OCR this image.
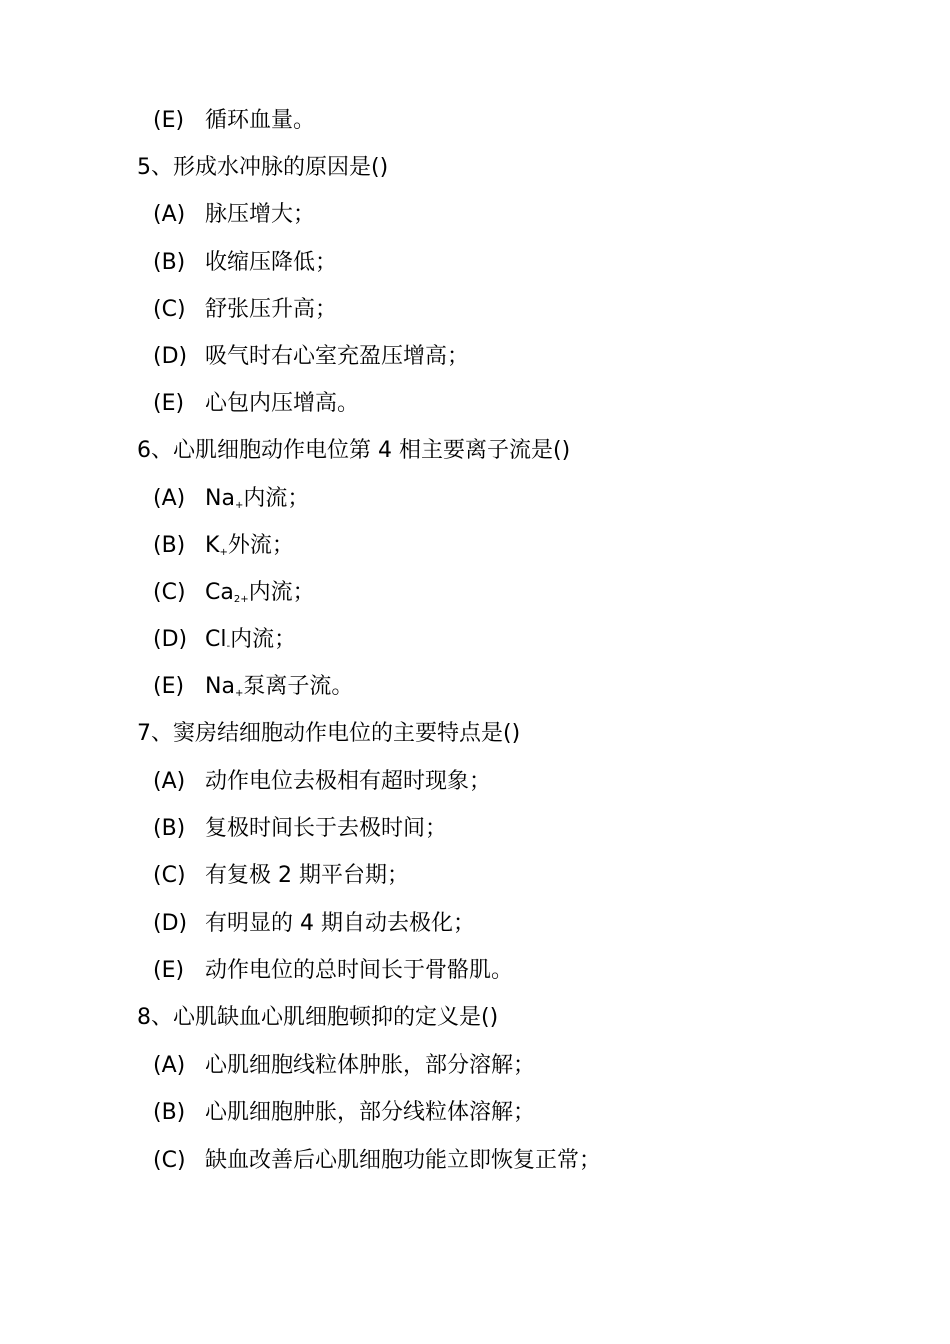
(E) 循环血量。
5、形成水冲脉的原因是()
(A) 脉压增大；
(B) 收缩压降低；
(C) 舒张压升高；
(D) 吸气时右心室充盈压增高；
(E) 心包内压增高。
6、心肌细胞动作电位第 4 相主要离子流是()
(A) $Na_+$内流；
(B) $K_+$外流；
(C) $Ca_{2+}$内流；
(D) $Cl_-$内流；
(E) $Na_+$泵离子流。
7、窦房结细胞动作电位的主要特点是()
(A) 动作电位去极相有超时现象；
(B) 复极时间长于去极时间；
(C) 有复极 2 期平台期；
(D) 有明显的 4 期自动去极化；
(E) 动作电位的总时间长于骨骼肌。
8、心肌缺血心肌细胞顿抑的定义是()
(A) 心肌细胞线粒体肿胀，部分溶解；
(B) 心肌细胞肿胀，部分线粒体溶解；
(C) 缺血改善后心肌细胞功能立即恢复正常；
